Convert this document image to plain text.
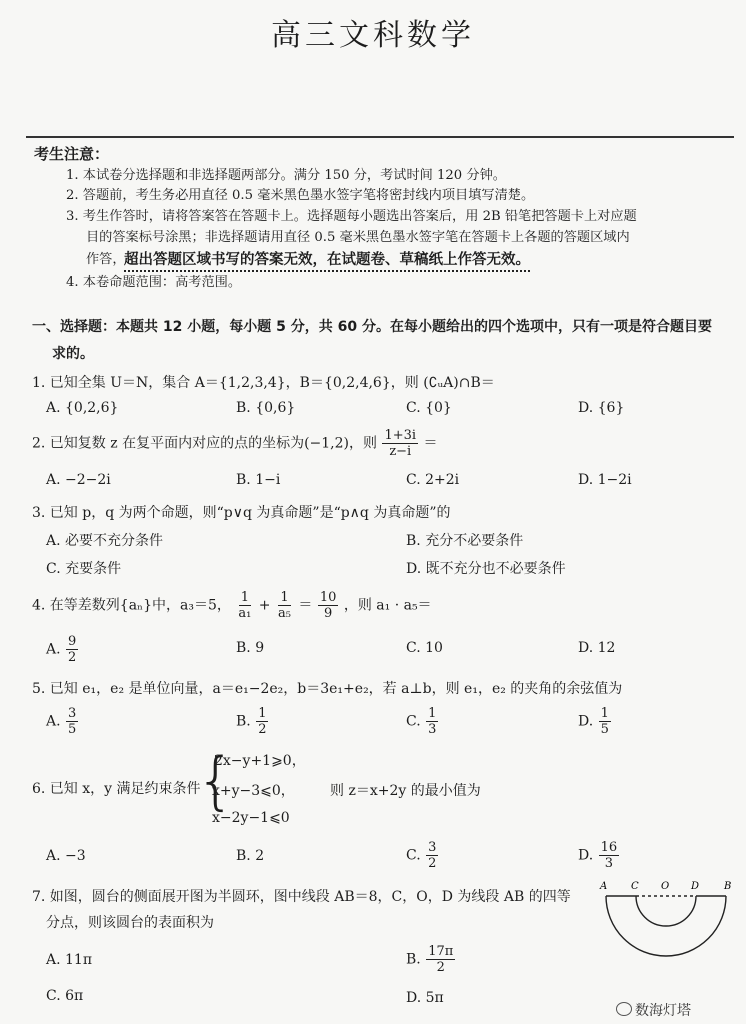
高三文科数学
考生注意：
1. 本试卷分选择题和非选择题两部分。满分 150 分，考试时间 120 分钟。
2. 答题前，考生务必用直径 0.5 毫米黑色墨水签字笔将密封线内项目填写清楚。
3. 考生作答时，请将答案答在答题卡上。选择题每小题选出答案后，用 2B 铅笔把答题卡上对应题
目的答案标号涂黑；非选择题请用直径 0.5 毫米黑色墨水签字笔在答题卡上各题的答题区域内
作答，
超出答题区域书写的答案无效，在试题卷、草稿纸上作答无效。
4. 本卷命题范围：高考范围。
一、选择题：本题共 12 小题，每小题 5 分，共 60 分。在每小题给出的四个选项中，只有一项是符合题目要
求的。
1. 已知全集 U＝N，集合 A＝{1,2,3,4}，B＝{0,2,4,6}，则 (∁ᵤA)∩B＝
A. {0,2,6}	B. {0,6}	C. {0}	D. {6}
2. 已知复数 z 在复平面内对应的点的坐标为(−1,2)，则 $\frac{1+3i}{z-i}$ ＝
A. −2−2i	B. 1−i	C. 2+2i	D. 1−2i
3. 已知 p，q 为两个命题，则“p∨q 为真命题”是“p∧q 为真命题”的
A. 必要不充分条件	B. 充分不必要条件
C. 充要条件	D. 既不充分也不必要条件
4. 在等差数列{aₙ}中，a₃＝5， $\frac{1}{\text{a₁}} + \frac{1}{\text{a₅}} = \frac{10}{9}$ ，则 a₁ · a₅＝
A. $\frac{9}{2}$	B. 9	C. 10	D. 12
5. 已知 e₁，e₂ 是单位向量，a＝e₁−2e₂，b＝3e₁+e₂，若 a⊥b，则 e₁，e₂ 的夹角的余弦值为
A. $\frac{3}{5}$	B. $\frac{1}{2}$	C. $\frac{1}{3}$	D. $\frac{1}{5}$
6. 已知 x，y 满足约束条件
{
2x−y+1⩾0，
x+y−3⩽0，
x−2y−1⩽0
则 z＝x+2y 的最小值为
A. −3	B. 2	C. $\frac{3}{2}$	D. $\frac{16}{3}$
7. 如图，圆台的侧面展开图为半圆环，图中线段 AB＝8，C，O，D 为线段 AB 的四等
分点，则该圆台的表面积为
A. 11π	B. $\frac{17\pi}{2}$
C. 6π	D. 5π
A C O D B
数海灯塔
